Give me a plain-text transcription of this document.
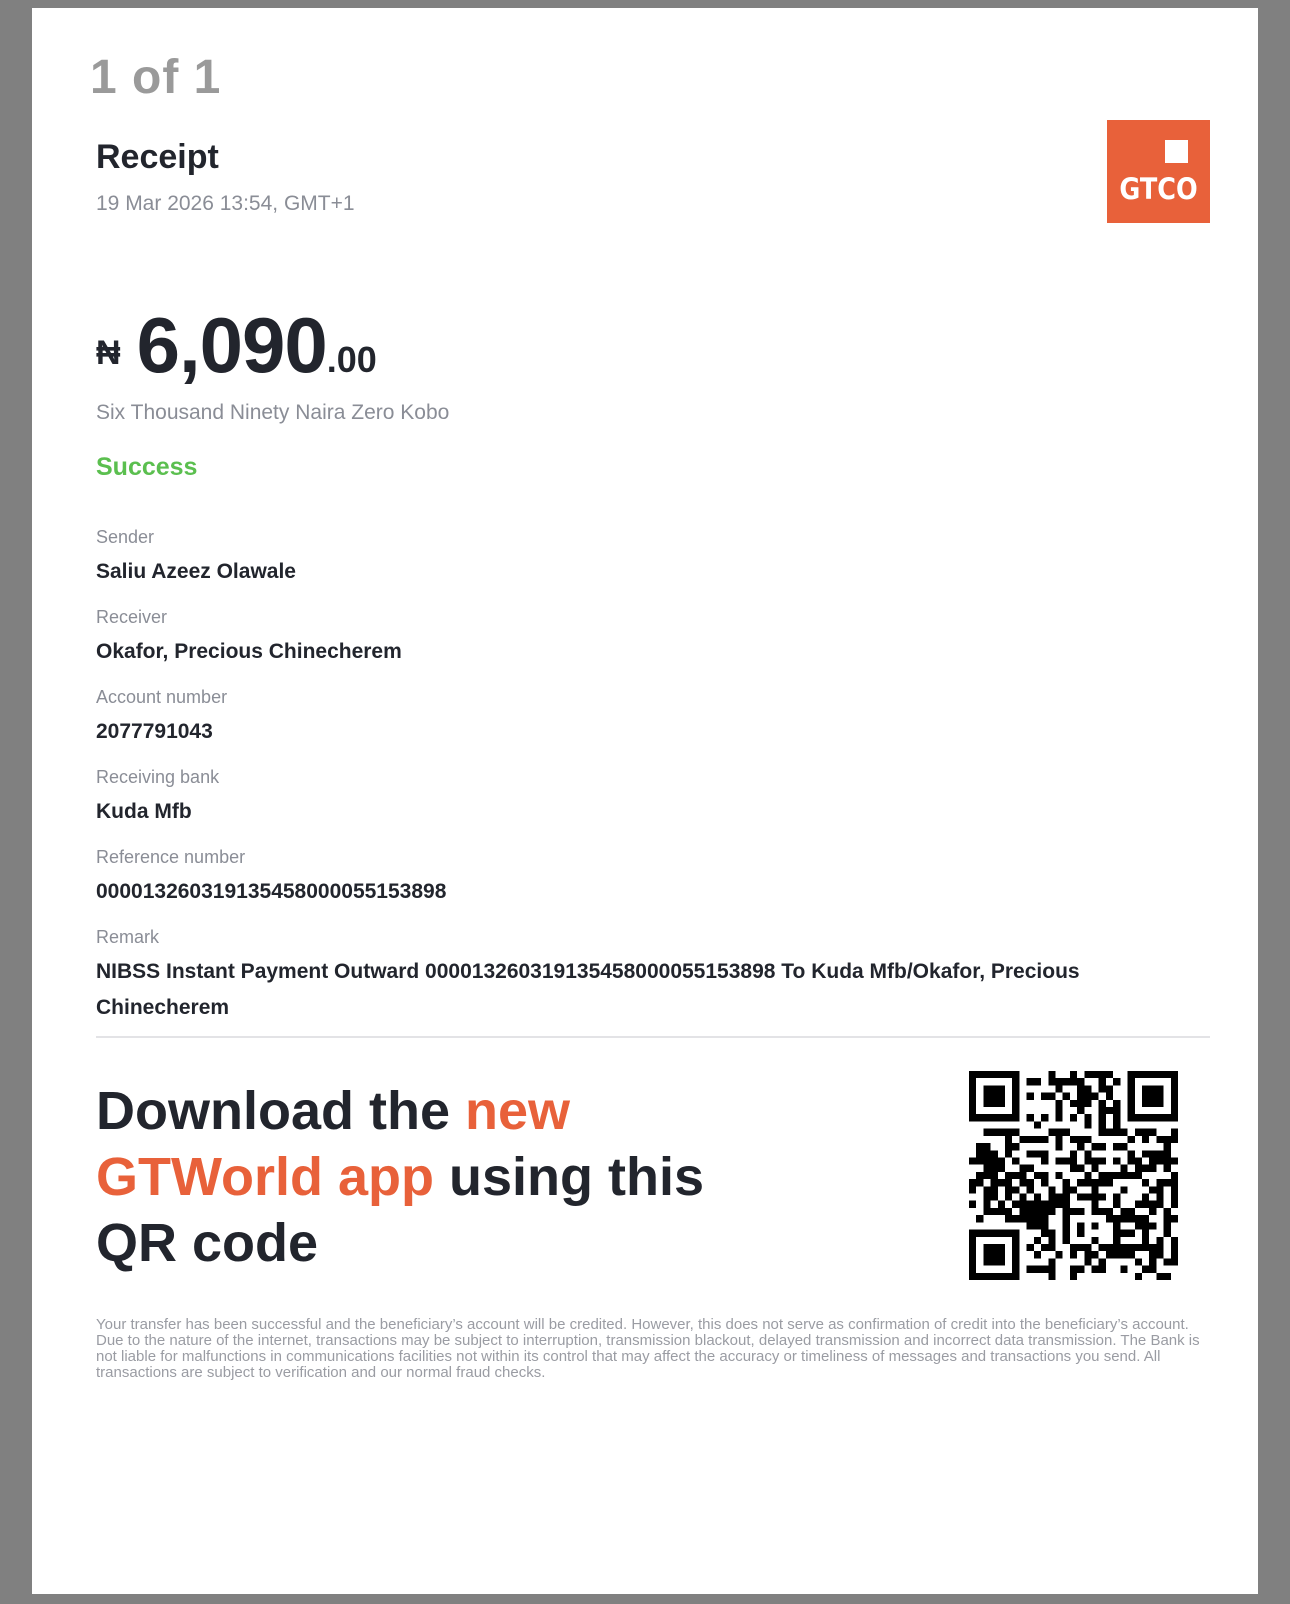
1 of 1
Receipt
19 Mar 2026 13:54, GMT+1	GTCO
₦ 6,090.00
Six Thousand Ninety Naira Zero Kobo
Success
Sender
Saliu Azeez Olawale
Receiver
Okafor, Precious Chinecherem
Account number
2077791043
Receiving bank
Kuda Mfb
Reference number
000013260319135458000055153898
Remark
NIBSS Instant Payment Outward 000013260319135458000055153898 To Kuda Mfb/Okafor, Precious Chinecherem
Download the new GTWorld app using this QR code
Your transfer has been successful and the beneficiary’s account will be credited. However, this does not serve as confirmation of credit into the beneficiary’s account. Due to the nature of the internet, transactions may be subject to interruption, transmission blackout, delayed transmission and incorrect data transmission. The Bank is not liable for malfunctions in communications facilities not within its control that may affect the accuracy or timeliness of messages and transactions you send. All transactions are subject to verification and our normal fraud checks.
